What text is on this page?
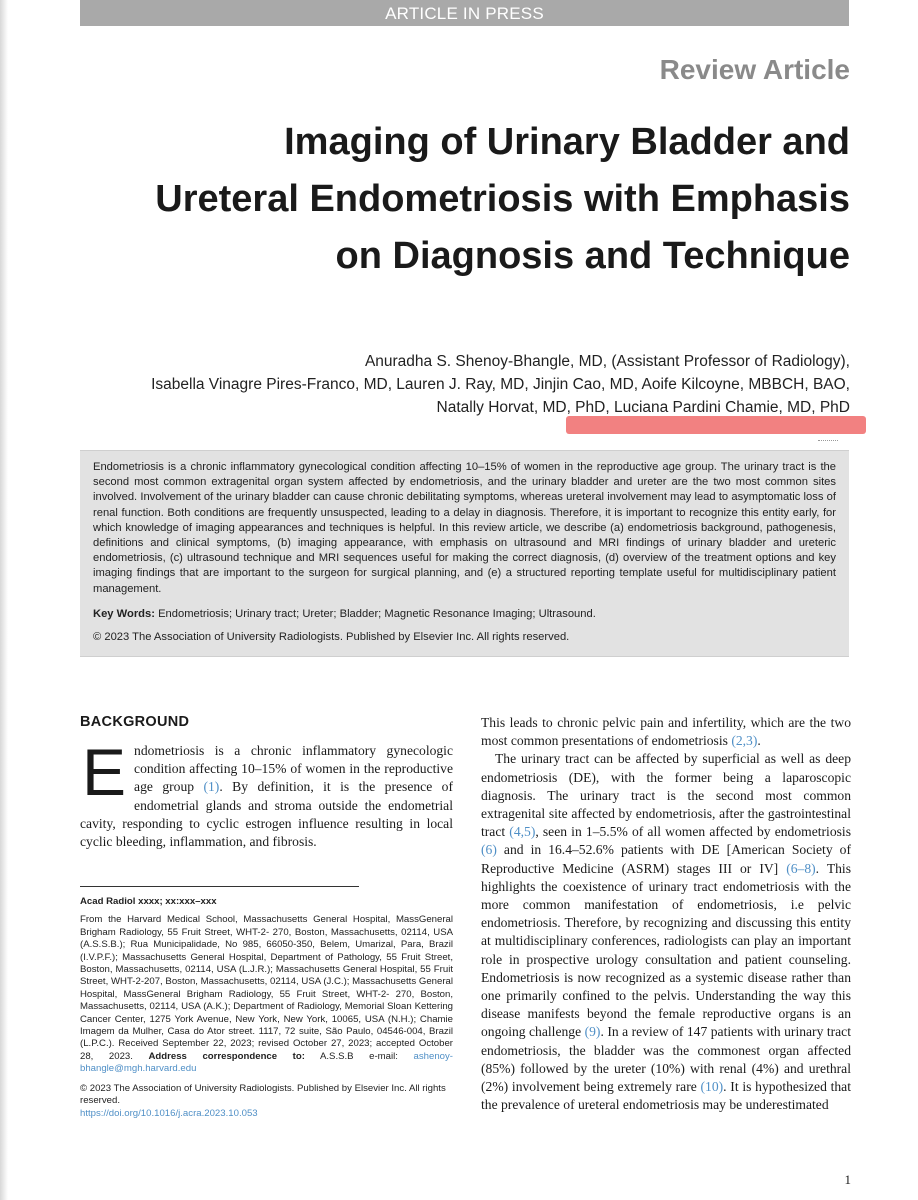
ARTICLE IN PRESS
Review Article
Imaging of Urinary Bladder and Ureteral Endometriosis with Emphasis on Diagnosis and Technique
Anuradha S. Shenoy-Bhangle, MD, (Assistant Professor of Radiology),
Isabella Vinagre Pires-Franco, MD, Lauren J. Ray, MD, Jinjin Cao, MD, Aoife Kilcoyne, MBBCH, BAO,
Natally Horvat, MD, PhD, Luciana Pardini Chamie, MD, PhD

Endometriosis is a chronic inflammatory gynecological condition affecting 10–15% of women in the reproductive age group. The urinary tract is the second most common extragenital organ system affected by endometriosis, and the urinary bladder and ureter are the two most common sites involved. Involvement of the urinary bladder can cause chronic debilitating symptoms, whereas ureteral involvement may lead to asymptomatic loss of renal function. Both conditions are frequently unsuspected, leading to a delay in diagnosis. Therefore, it is important to recognize this entity early, for which knowledge of imaging appearances and techniques is helpful. In this review article, we describe (a) endometriosis background, pathogenesis, definitions and clinical symptoms, (b) imaging appearance, with emphasis on ultrasound and MRI findings of urinary bladder and ureteric endometriosis, (c) ultrasound technique and MRI sequences useful for making the correct diagnosis, (d) overview of the treatment options and key imaging findings that are important to the surgeon for surgical planning, and (e) a structured reporting template useful for multidisciplinary patient management.

Key Words: Endometriosis; Urinary tract; Ureter; Bladder; Magnetic Resonance Imaging; Ultrasound.

© 2023 The Association of University Radiologists. Published by Elsevier Inc. All rights reserved.

BACKGROUND

Endometriosis is a chronic inflammatory gynecologic condition affecting 10–15% of women in the reproductive age group (1). By definition, it is the presence of endometrial glands and stroma outside the endometrial cavity, responding to cyclic estrogen influence resulting in local cyclic bleeding, inflammation, and fibrosis.

Acad Radiol xxxx; xx:xxx–xxx

From the Harvard Medical School, Massachusetts General Hospital, MassGeneral Brigham Radiology, 55 Fruit Street, WHT-2- 270, Boston, Massachusetts, 02114, USA (A.S.S.B.); Rua Municipalidade, No 985, 66050-350, Belem, Umarizal, Para, Brazil (I.V.P.F.); Massachusetts General Hospital, Department of Pathology, 55 Fruit Street, Boston, Massachusetts, 02114, USA (L.J.R.); Massachusetts General Hospital, 55 Fruit Street, WHT-2-207, Boston, Massachusetts, 02114, USA (J.C.); Massachusetts General Hospital, MassGeneral Brigham Radiology, 55 Fruit Street, WHT-2- 270, Boston, Massachusetts, 02114, USA (A.K.); Department of Radiology, Memorial Sloan Kettering Cancer Center, 1275 York Avenue, New York, New York, 10065, USA (N.H.); Chamie Imagem da Mulher, Casa do Ator street. 1117, 72 suite, São Paulo, 04546-004, Brazil (L.P.C.). Received September 22, 2023; revised October 27, 2023; accepted October 28, 2023. Address correspondence to: A.S.S.B e-mail: ashenoy-bhangle@mgh.harvard.edu

© 2023 The Association of University Radiologists. Published by Elsevier Inc. All rights reserved.

https://doi.org/10.1016/j.acra.2023.10.053

This leads to chronic pelvic pain and infertility, which are the two most common presentations of endometriosis (2,3).

The urinary tract can be affected by superficial as well as deep endometriosis (DE), with the former being a laparoscopic diagnosis. The urinary tract is the second most common extragenital site affected by endometriosis, after the gastrointestinal tract (4,5), seen in 1–5.5% of all women affected by endometriosis (6) and in 16.4–52.6% patients with DE [American Society of Reproductive Medicine (ASRM) stages III or IV] (6–8). This highlights the coexistence of urinary tract endometriosis with the more common manifestation of endometriosis, i.e pelvic endometriosis. Therefore, by recognizing and discussing this entity at multidisciplinary conferences, radiologists can play an important role in prospective urology consultation and patient counseling. Endometriosis is now recognized as a systemic disease rather than one primarily confined to the pelvis. Understanding the way this disease manifests beyond the female reproductive organs is an ongoing challenge (9). In a review of 147 patients with urinary tract endometriosis, the bladder was the commonest organ affected (85%) followed by the ureter (10%) with renal (4%) and urethral (2%) involvement being extremely rare (10). It is hypothesized that the prevalence of ureteral endometriosis may be underestimated

1
